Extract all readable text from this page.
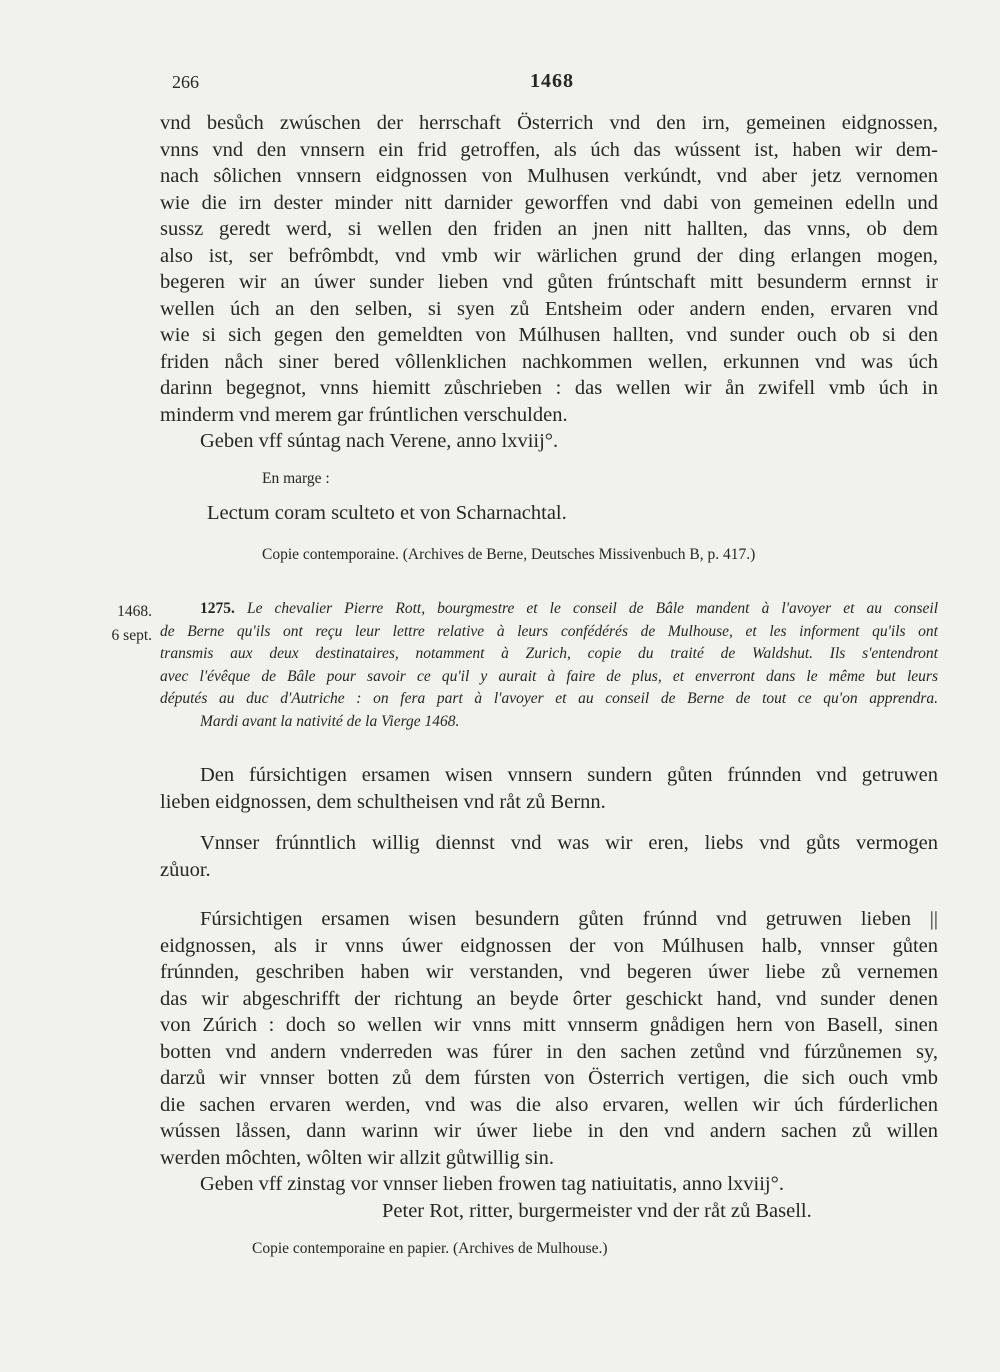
266	1468
vnd besůch zwúschen der herrschaft Österrich vnd den irn, gemeinen eidgnossen,
vnns vnd den vnnsern ein frid getroffen, als úch das wússent ist, haben wir dem-
nach sôlichen vnnsern eidgnossen von Mulhusen verkúndt, vnd aber jetz vernomen
wie die irn dester minder nitt darnider geworffen vnd dabi von gemeinen edelln und
sussz geredt werd, si wellen den friden an jnen nitt hallten, das vnns, ob dem
also ist, ser befrômbdt, vnd vmb wir wärlichen grund der ding erlangen mogen,
begeren wir an úwer sunder lieben vnd gůten frúntschaft mitt besunderm ernnst ir
wellen úch an den selben, si syen zů Entsheim oder andern enden, ervaren vnd
wie si sich gegen den gemeldten von Múlhusen hallten, vnd sunder ouch ob si den
friden nåch siner bered vôllenklichen nachkommen wellen, erkunnen vnd was úch
darinn begegnot, vnns hiemitt zůschrieben : das wellen wir ån zwifell vmb úch in
minderm vnd merem gar frúntlichen verschulden.
Geben vff súntag nach Verene, anno lxviij°.
En marge :
Lectum coram sculteto et von Scharnachtal.
Copie contemporaine. (Archives de Berne, Deutsches Missivenbuch B, p. 417.)
1468.
6 sept.
1275. Le chevalier Pierre Rott, bourgmestre et le conseil de Bâle mandent à l'avoyer et au conseil
de Berne qu'ils ont reçu leur lettre relative à leurs confédérés de Mulhouse, et les informent qu'ils ont
transmis aux deux destinataires, notamment à Zurich, copie du traité de Waldshut. Ils s'entendront
avec l'évêque de Bâle pour savoir ce qu'il y aurait à faire de plus, et enverront dans le même but leurs
députés au duc d'Autriche : on fera part à l'avoyer et au conseil de Berne de tout ce qu'on apprendra.
Mardi avant la nativité de la Vierge 1468.
Den fúrsichtigen ersamen wisen vnnsern sundern gůten frúnnden vnd getruwen
lieben eidgnossen, dem schultheisen vnd råt zů Bernn.
Vnnser frúnntlich willig diennst vnd was wir eren, liebs vnd gůts vermogen
zůuor.
Fúrsichtigen ersamen wisen besundern gůten frúnnd vnd getruwen lieben ||
eidgnossen, als ir vnns úwer eidgnossen der von Múlhusen halb, vnnser gůten
frúnnden, geschriben haben wir verstanden, vnd begeren úwer liebe zů vernemen
das wir abgeschrifft der richtung an beyde ôrter geschickt hand, vnd sunder denen
von Zúrich : doch so wellen wir vnns mitt vnnserm gnådigen hern von Basell, sinen
botten vnd andern vnderreden was fúrer in den sachen zetůnd vnd fúrzůnemen sy,
darzů wir vnnser botten zů dem fúrsten von Österrich vertigen, die sich ouch vmb
die sachen ervaren werden, vnd was die also ervaren, wellen wir úch fúrderlichen
wússen låssen, dann warinn wir úwer liebe in den vnd andern sachen zů willen
werden môchten, wôlten wir allzit gůtwillig sin.
Geben vff zinstag vor vnnser lieben frowen tag natiuitatis, anno lxviij°.
Peter Rot, ritter, burgermeister vnd der råt zů Basell.
Copie contemporaine en papier. (Archives de Mulhouse.)
